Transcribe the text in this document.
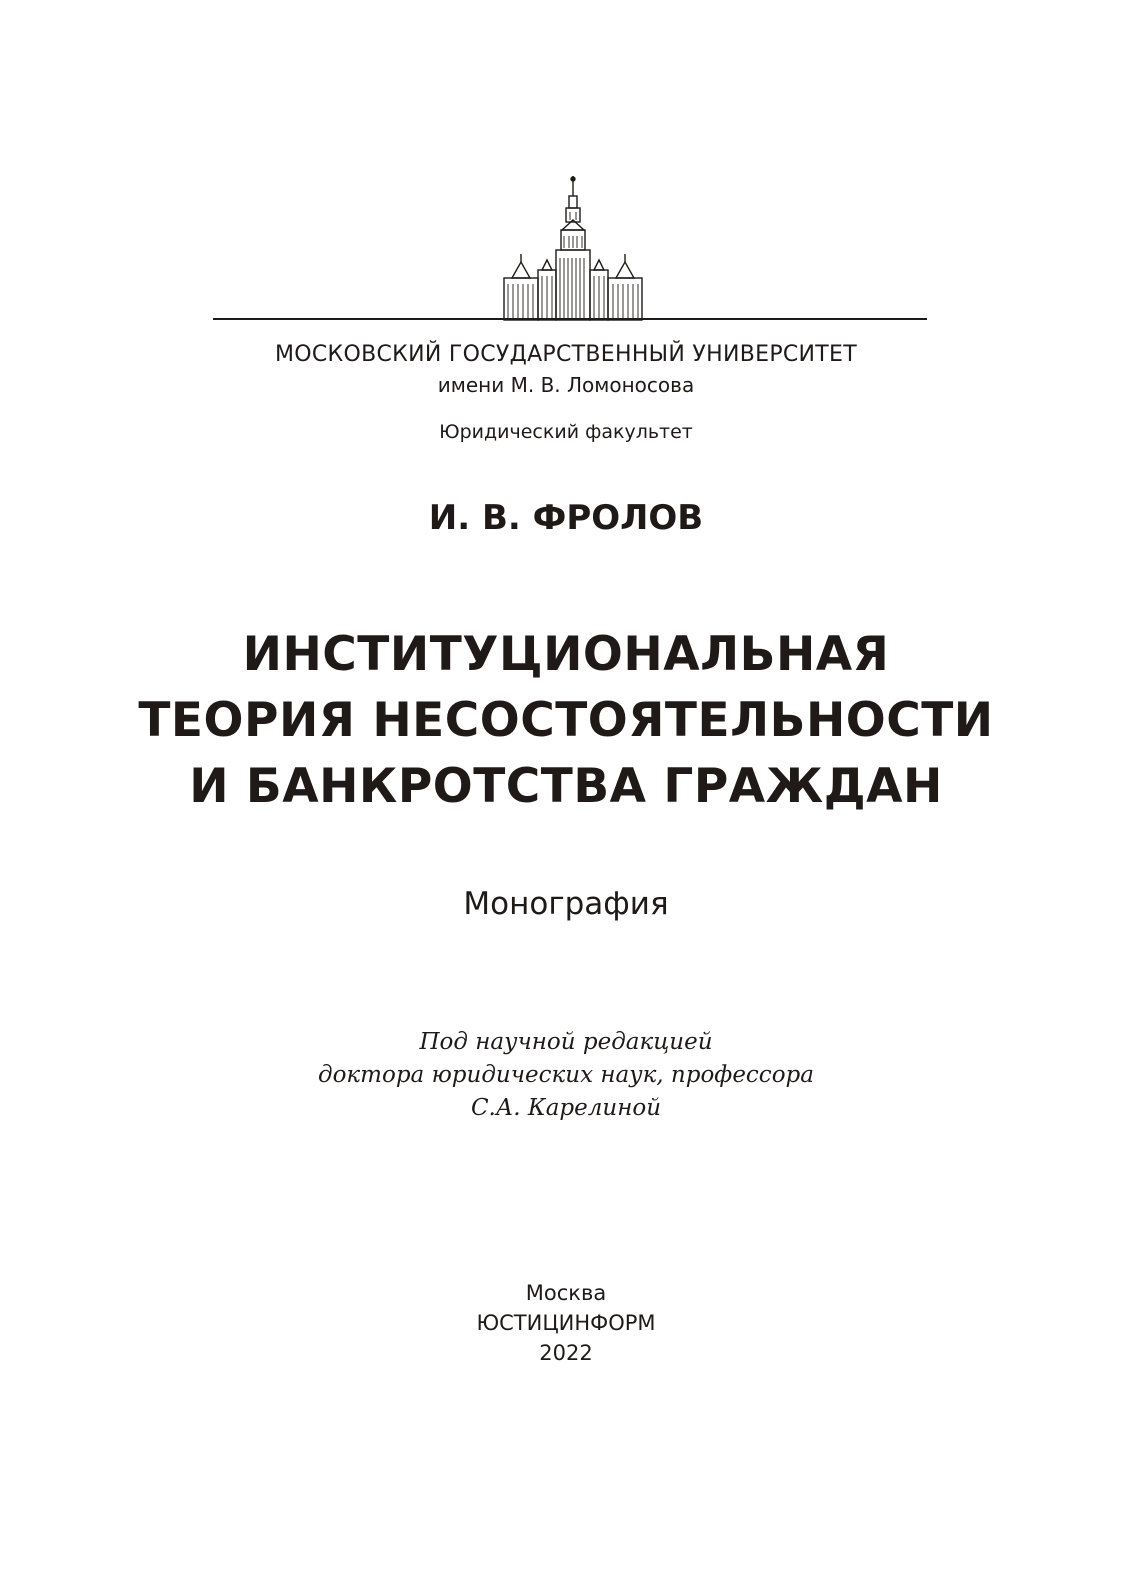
МОСКОВСКИЙ ГОСУДАРСТВЕННЫЙ УНИВЕРСИТЕТ
имени М. В. Ломоносова
Юридический факультет
И. В. ФРОЛОВ
ИНСТИТУЦИОНАЛЬНАЯ
ТЕОРИЯ НЕСОСТОЯТЕЛЬНОСТИ
И БАНКРОТСТВА ГРАЖДАН
Монография
Под научной редакцией
доктора юридических наук, профессора
С.А. Карелиной
Москва
ЮСТИЦИНФОРМ
2022
